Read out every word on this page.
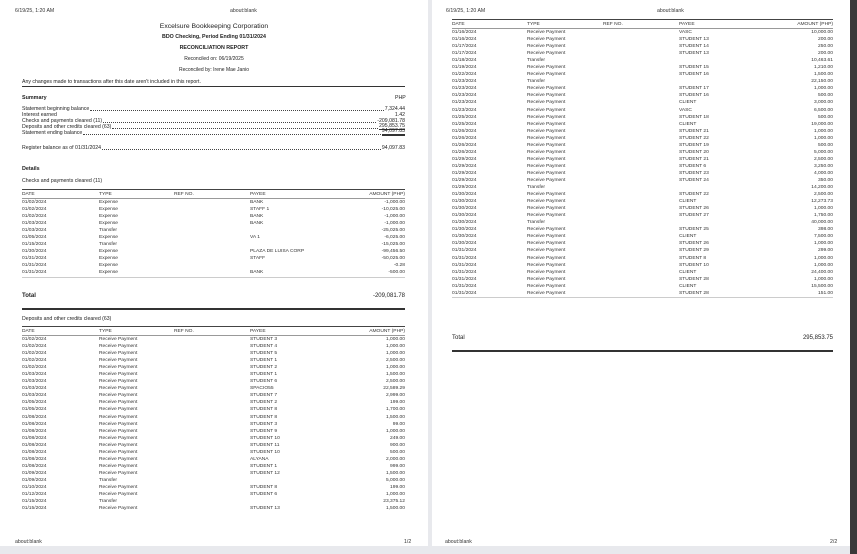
6/19/25, 1:20 AM	about:blank
Excelsure Bookkeeping Corporation
BDO Checking, Period Ending 01/31/2024
RECONCILIATION REPORT
Reconciled on: 06/19/2025
Reconciled by: Irene Mae Janio
Any changes made to transactions after this date aren't included in this report.
Summary	PHP
Statement beginning balance	7,324.44
Interest earned	1.42
Checks and payments cleared (11)	-209,081.78
Deposits and other credits cleared (63)	295,853.75
Statement ending balance	94,097.83
Register balance as of 01/31/2024	94,097.83
Details
Checks and payments cleared (11)
DATE	TYPE	REF NO.	PAYEE	AMOUNT (PHP)
01/02/2024	Expense		BANK	-1,000.00
01/02/2024	Expense		STAFF 1	-10,025.00
01/02/2024	Expense		BANK	-1,000.00
01/03/2024	Expense		BANK	-1,000.00
01/03/2024	Transfer			-25,025.00
01/05/2024	Expense		VA 1	-6,025.00
01/15/2024	Transfer			-15,025.00
01/30/2024	Expense		PLAZA DE LUISA CORP	-99,456.50
01/31/2024	Expense		STAFF	-50,025.00
01/31/2024	Expense			-0.28
01/31/2024	Expense		BANK	-500.00
Total	-209,081.78
Deposits and other credits cleared (63)
DATE	TYPE	REF NO.	PAYEE	AMOUNT (PHP)
01/02/2024	Receive Payment		STUDENT 3	1,000.00
01/02/2024	Receive Payment		STUDENT 4	1,000.00
01/02/2024	Receive Payment		STUDENT 5	1,000.00
01/02/2024	Receive Payment		STUDENT 1	2,500.00
01/02/2024	Receive Payment		STUDENT 2	1,000.00
01/03/2024	Receive Payment		STUDENT 1	1,500.00
01/03/2024	Receive Payment		STUDENT 6	2,500.00
01/03/2024	Receive Payment		SPACIO55	22,589.29
01/03/2024	Receive Payment		STUDENT 7	2,999.00
01/05/2024	Receive Payment		STUDENT 2	199.00
01/05/2024	Receive Payment		STUDENT 8	1,700.00
01/08/2024	Receive Payment		STUDENT 8	1,500.00
01/08/2024	Receive Payment		STUDENT 3	99.00
01/08/2024	Receive Payment		STUDENT 9	1,000.00
01/08/2024	Receive Payment		STUDENT 10	249.00
01/08/2024	Receive Payment		STUDENT 11	900.00
01/08/2024	Receive Payment		STUDENT 10	500.00
01/08/2024	Receive Payment		ALYANA	2,000.00
01/08/2024	Receive Payment		STUDENT 1	999.00
01/09/2024	Receive Payment		STUDENT 12	1,500.00
01/09/2024	Transfer			5,000.00
01/10/2024	Receive Payment		STUDENT 8	199.00
01/12/2024	Receive Payment		STUDENT 6	1,000.00
01/15/2024	Transfer			23,375.12
01/15/2024	Receive Payment		STUDENT 13	1,500.00
about:blank	1/2
6/19/25, 1:20 AM	about:blank
DATE	TYPE	REF NO.	PAYEE	AMOUNT (PHP)
01/16/2024	Receive Payment		VASC	10,000.00
01/16/2024	Receive Payment		STUDENT 13	200.00
01/17/2024	Receive Payment		STUDENT 14	250.00
01/17/2024	Receive Payment		STUDENT 13	200.00
01/18/2024	Transfer			10,463.61
01/19/2024	Receive Payment		STUDENT 15	1,210.00
01/22/2024	Receive Payment		STUDENT 16	1,500.00
01/23/2024	Transfer			22,150.00
01/23/2024	Receive Payment		STUDENT 17	1,000.00
01/23/2024	Receive Payment		STUDENT 16	500.00
01/23/2024	Receive Payment		CLIENT	3,000.00
01/23/2024	Receive Payment		VASC	6,500.00
01/25/2024	Receive Payment		STUDENT 18	500.00
01/25/2024	Receive Payment		CLIENT	19,000.00
01/26/2024	Receive Payment		STUDENT 21	1,000.00
01/26/2024	Receive Payment		STUDENT 22	1,000.00
01/26/2024	Receive Payment		STUDENT 19	500.00
01/26/2024	Receive Payment		STUDENT 20	5,000.00
01/29/2024	Receive Payment		STUDENT 21	2,500.00
01/29/2024	Receive Payment		STUDENT 6	3,250.00
01/29/2024	Receive Payment		STUDENT 23	4,000.00
01/29/2024	Receive Payment		STUDENT 24	350.00
01/29/2024	Transfer			14,200.00
01/30/2024	Receive Payment		STUDENT 22	2,500.00
01/30/2024	Receive Payment		CLIENT	12,273.73
01/30/2024	Receive Payment		STUDENT 26	1,000.00
01/30/2024	Receive Payment		STUDENT 27	1,750.00
01/30/2024	Transfer			40,000.00
01/30/2024	Receive Payment		STUDENT 25	398.00
01/30/2024	Receive Payment		CLIENT	7,500.00
01/30/2024	Receive Payment		STUDENT 26	1,000.00
01/31/2024	Receive Payment		STUDENT 29	299.00
01/31/2024	Receive Payment		STUDENT 8	1,000.00
01/31/2024	Receive Payment		STUDENT 10	1,000.00
01/31/2024	Receive Payment		CLIENT	24,400.00
01/31/2024	Receive Payment		STUDENT 28	1,000.00
01/31/2024	Receive Payment		CLIENT	15,500.00
01/31/2024	Receive Payment		STUDENT 28	151.00
Total	295,853.75
about:blank	2/2
